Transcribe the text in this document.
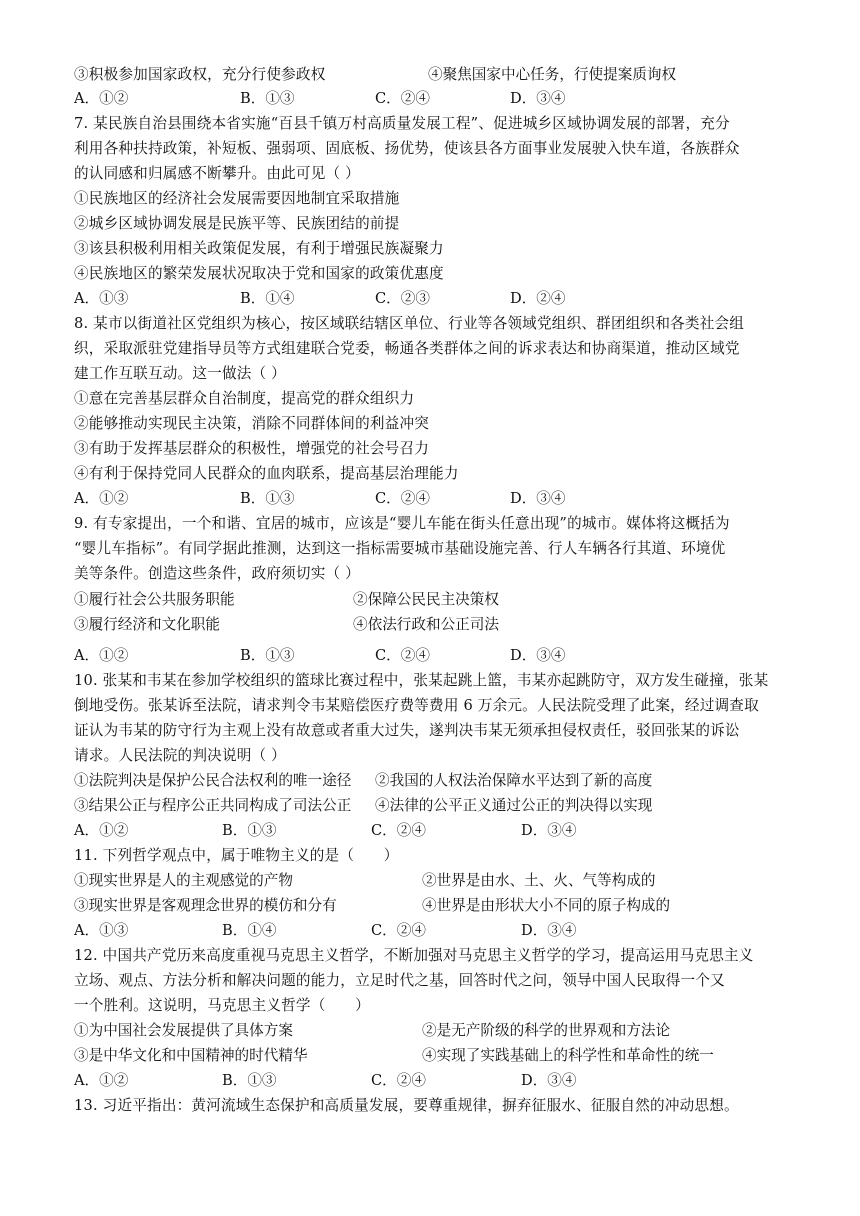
③积极参加国家政权，充分行使参政权	④聚焦国家中心任务，行使提案质询权
A．①②	B．①③	C．②④	D．③④
7. 某民族自治县围绕本省实施“百县千镇万村高质量发展工程”、促进城乡区域协调发展的部署，充分
利用各种扶持政策，补短板、强弱项、固底板、扬优势，使该县各方面事业发展驶入快车道，各族群众
的认同感和归属感不断攀升。由此可见（ ）
①民族地区的经济社会发展需要因地制宜采取措施
②城乡区域协调发展是民族平等、民族团结的前提
③该县积极利用相关政策促发展，有利于增强民族凝聚力
④民族地区的繁荣发展状况取决于党和国家的政策优惠度
A．①③	B．①④	C．②③	D．②④
8. 某市以街道社区党组织为核心，按区域联结辖区单位、行业等各领域党组织、群团组织和各类社会组
织，采取派驻党建指导员等方式组建联合党委，畅通各类群体之间的诉求表达和协商渠道，推动区域党
建工作互联互动。这一做法（ ）
①意在完善基层群众自治制度，提高党的群众组织力
②能够推动实现民主决策，消除不同群体间的利益冲突
③有助于发挥基层群众的积极性，增强党的社会号召力
④有利于保持党同人民群众的血肉联系，提高基层治理能力
A．①②	B．①③	C．②④	D．③④
9. 有专家提出，一个和谐、宜居的城市，应该是“婴儿车能在街头任意出现”的城市。媒体将这概括为
“婴儿车指标”。有同学据此推测，达到这一指标需要城市基础设施完善、行人车辆各行其道、环境优
美等条件。创造这些条件，政府须切实（ ）
①履行社会公共服务职能	②保障公民民主决策权
③履行经济和文化职能	④依法行政和公正司法
A．①②	B．①③	C．②④	D．③④
10. 张某和韦某在参加学校组织的篮球比赛过程中，张某起跳上篮，韦某亦起跳防守，双方发生碰撞，张某
倒地受伤。张某诉至法院，请求判令韦某赔偿医疗费等费用 6 万余元。人民法院受理了此案，经过调查取
证认为韦某的防守行为主观上没有故意或者重大过失，遂判决韦某无须承担侵权责任，驳回张某的诉讼
请求。人民法院的判决说明（ ）
①法院判决是保护公民合法权利的唯一途径 ②我国的人权法治保障水平达到了新的高度
③结果公正与程序公正共同构成了司法公正 ④法律的公平正义通过公正的判决得以实现
A．①②	B．①③	C．②④	D．③④
11. 下列哲学观点中，属于唯物主义的是（　　）
①现实世界是人的主观感觉的产物	②世界是由水、土、火、气等构成的
③现实世界是客观理念世界的模仿和分有	④世界是由形状大小不同的原子构成的
A．①③	B．①④	C．②④	D．③④
12. 中国共产党历来高度重视马克思主义哲学，不断加强对马克思主义哲学的学习，提高运用马克思主义
立场、观点、方法分析和解决问题的能力，立足时代之基，回答时代之问，领导中国人民取得一个又
一个胜利。这说明，马克思主义哲学（　　）
①为中国社会发展提供了具体方案	②是无产阶级的科学的世界观和方法论
③是中华文化和中国精神的时代精华	④实现了实践基础上的科学性和革命性的统一
A．①②	B．①③	C．②④	D．③④
13. 习近平指出：黄河流域生态保护和高质量发展，要尊重规律，摒弃征服水、征服自然的冲动思想。
